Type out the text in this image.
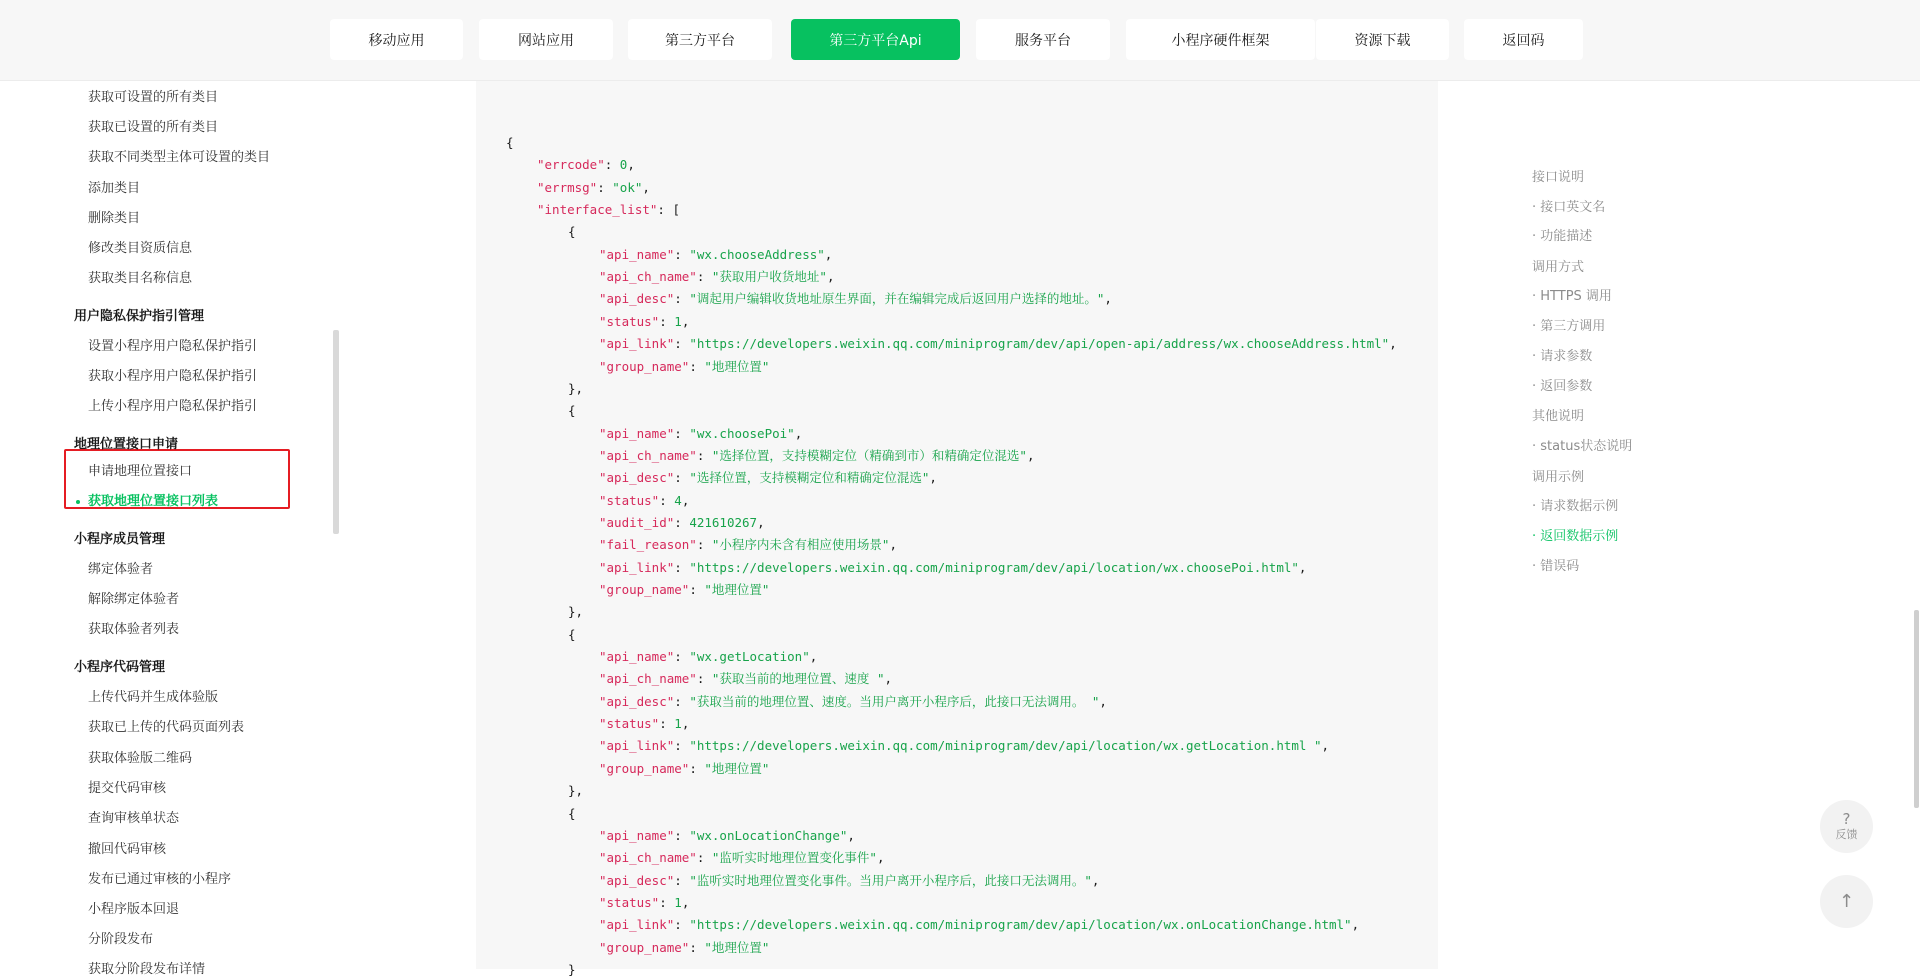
移动应用	网站应用	第三方平台	第三方平台Api	服务平台	小程序硬件框架	资源下载	返回码
获取可设置的所有类目
获取已设置的所有类目
获取不同类型主体可设置的类目
添加类目
删除类目
修改类目资质信息
获取类目名称信息
用户隐私保护指引管理
设置小程序用户隐私保护指引
获取小程序用户隐私保护指引
上传小程序用户隐私保护指引
地理位置接口申请
申请地理位置接口
获取地理位置接口列表
小程序成员管理
绑定体验者
解除绑定体验者
获取体验者列表
小程序代码管理
上传代码并生成体验版
获取已上传的代码页面列表
获取体验版二维码
提交代码审核
查询审核单状态
撤回代码审核
发布已通过审核的小程序
小程序版本回退
分阶段发布
获取分阶段发布详情
{
"errcode": 0,
"errmsg": "ok",
"interface_list": [
{
"api_name": "wx.chooseAddress",
"api_ch_name": "获取用户收货地址",
"api_desc": "调起用户编辑收货地址原生界面，并在编辑完成后返回用户选择的地址。",
"status": 1,
"api_link": "https://developers.weixin.qq.com/miniprogram/dev/api/open-api/address/wx.chooseAddress.html",
"group_name": "地理位置"
},
{
"api_name": "wx.choosePoi",
"api_ch_name": "选择位置，支持模糊定位（精确到市）和精确定位混选",
"api_desc": "选择位置，支持模糊定位和精确定位混选",
"status": 4,
"audit_id": 421610267,
"fail_reason": "小程序内未含有相应使用场景",
"api_link": "https://developers.weixin.qq.com/miniprogram/dev/api/location/wx.choosePoi.html",
"group_name": "地理位置"
},
{
"api_name": "wx.getLocation",
"api_ch_name": "获取当前的地理位置、速度 ",
"api_desc": "获取当前的地理位置、速度。当用户离开小程序后，此接口无法调用。 ",
"status": 1,
"api_link": "https://developers.weixin.qq.com/miniprogram/dev/api/location/wx.getLocation.html ",
"group_name": "地理位置"
},
{
"api_name": "wx.onLocationChange",
"api_ch_name": "监听实时地理位置变化事件",
"api_desc": "监听实时地理位置变化事件。当用户离开小程序后，此接口无法调用。",
"status": 1,
"api_link": "https://developers.weixin.qq.com/miniprogram/dev/api/location/wx.onLocationChange.html",
"group_name": "地理位置"
}
接口说明
· 接口英文名
· 功能描述
调用方式
· HTTPS 调用
· 第三方调用
· 请求参数
· 返回参数
其他说明
· status状态说明
调用示例
· 请求数据示例
· 返回数据示例
· 错误码
?
反馈
↑
